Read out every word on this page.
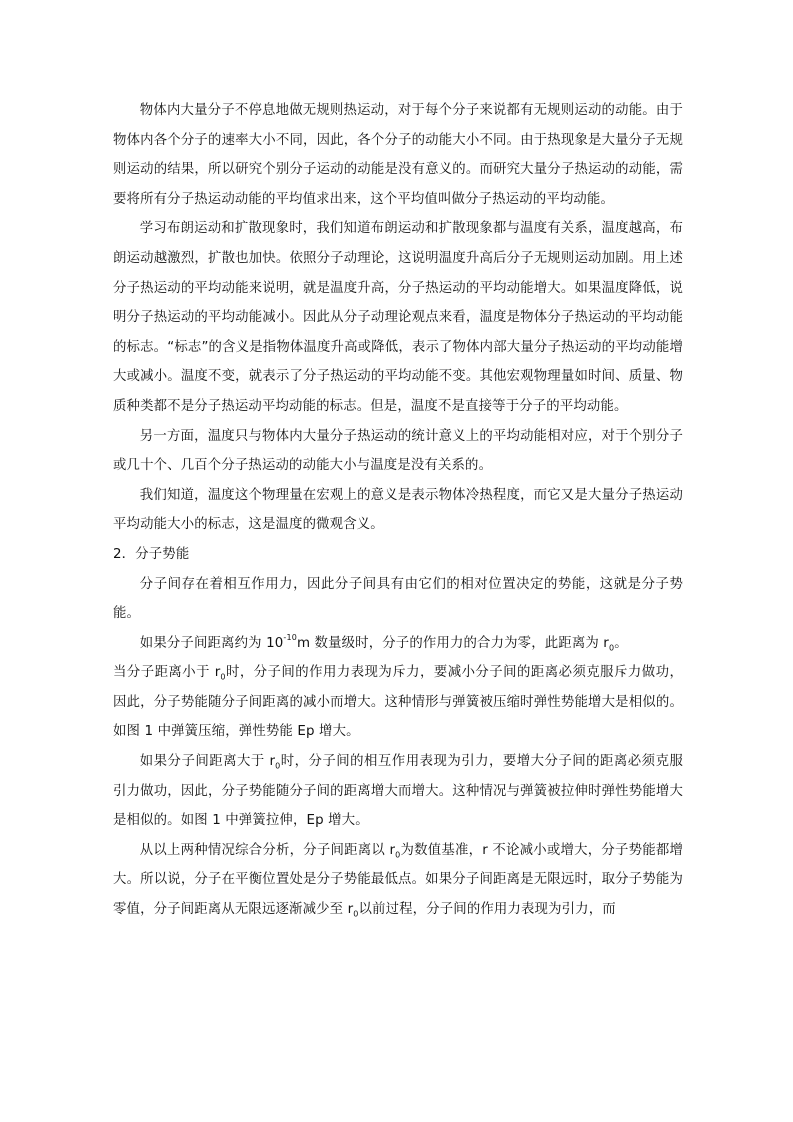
物体内大量分子不停息地做无规则热运动，对于每个分子来说都有无规则运动的动能。由于物体内各个分子的速率大小不同，因此，各个分子的动能大小不同。由于热现象是大量分子无规则运动的结果，所以研究个别分子运动的动能是没有意义的。而研究大量分子热运动的动能，需要将所有分子热运动动能的平均值求出来，这个平均值叫做分子热运动的平均动能。

学习布朗运动和扩散现象时，我们知道布朗运动和扩散现象都与温度有关系，温度越高，布朗运动越激烈，扩散也加快。依照分子动理论，这说明温度升高后分子无规则运动加剧。用上述分子热运动的平均动能来说明，就是温度升高，分子热运动的平均动能增大。如果温度降低，说明分子热运动的平均动能减小。因此从分子动理论观点来看，温度是物体分子热运动的平均动能的标志。“标志”的含义是指物体温度升高或降低，表示了物体内部大量分子热运动的平均动能增大或减小。温度不变，就表示了分子热运动的平均动能不变。其他宏观物理量如时间、质量、物质种类都不是分子热运动平均动能的标志。但是，温度不是直接等于分子的平均动能。

另一方面，温度只与物体内大量分子热运动的统计意义上的平均动能相对应，对于个别分子或几十个、几百个分子热运动的动能大小与温度是没有关系的。

我们知道，温度这个物理量在宏观上的意义是表示物体冷热程度，而它又是大量分子热运动平均动能大小的标志，这是温度的微观含义。

2．分子势能

分子间存在着相互作用力，因此分子间具有由它们的相对位置决定的势能，这就是分子势能。

如果分子间距离约为 $10^{-10}m$ 数量级时，分子的作用力的合力为零，此距离为 $r_0$。

当分子距离小于 $r_0$时，分子间的作用力表现为斥力，要减小分子间的距离必须克服斥力做功，因此，分子势能随分子间距离的减小而增大。这种情形与弹簧被压缩时弹性势能增大是相似的。如图 1 中弹簧压缩，弹性势能 Ep 增大。

如果分子间距离大于 $r_0$时，分子间的相互作用表现为引力，要增大分子间的距离必须克服引力做功，因此，分子势能随分子间的距离增大而增大。这种情况与弹簧被拉伸时弹性势能增大是相似的。如图 1 中弹簧拉伸，Ep 增大。

从以上两种情况综合分析，分子间距离以 $r_0$为数值基准，r 不论减小或增大，分子势能都增大。所以说，分子在平衡位置处是分子势能最低点。如果分子间距离是无限远时，取分子势能为零值，分子间距离从无限远逐渐减少至 $r_0$以前过程，分子间的作用力表现为引力，而
